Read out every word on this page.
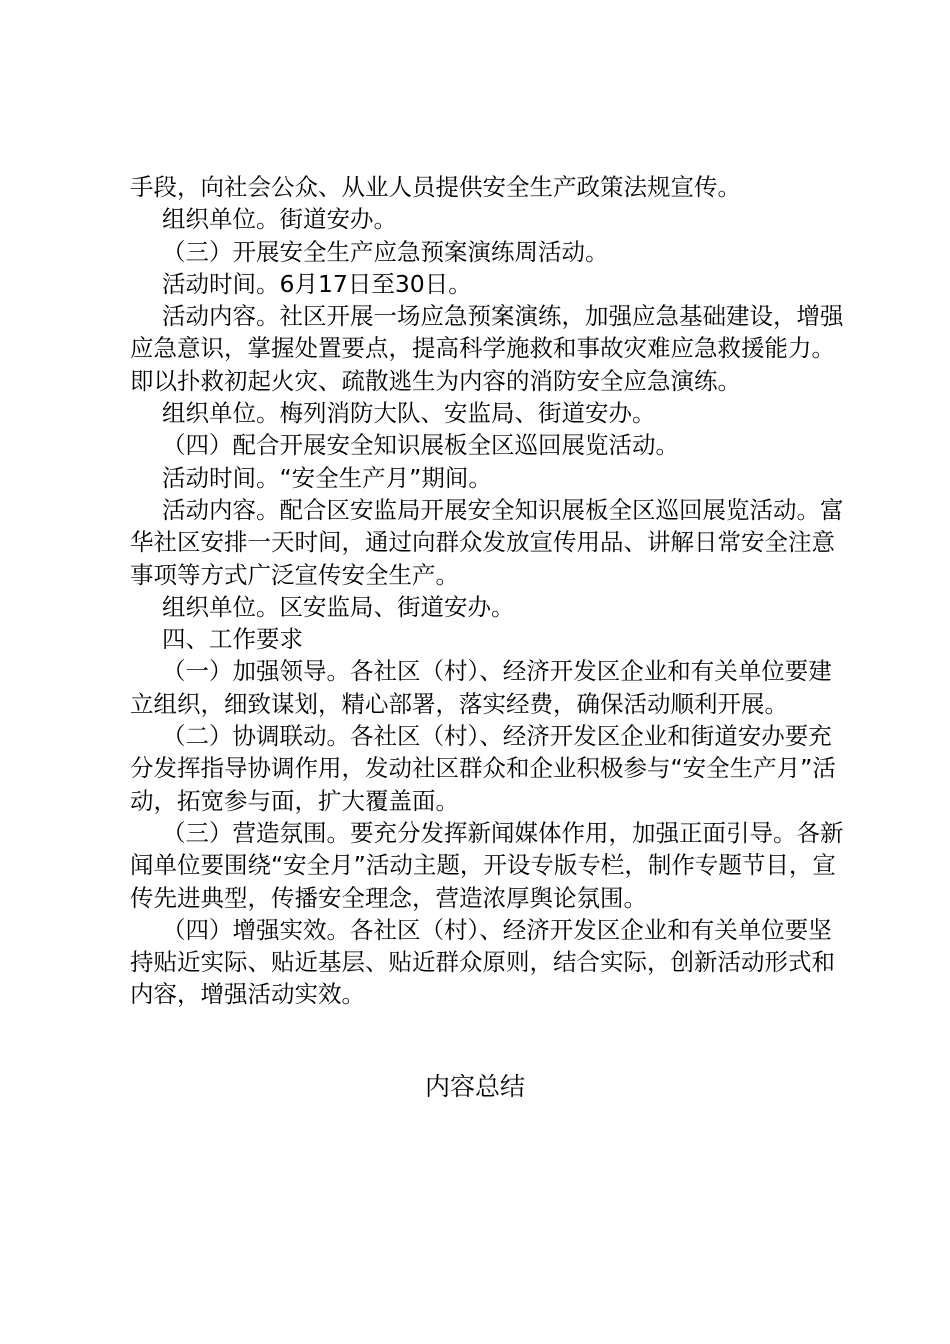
手段，向社会公众、从业人员提供安全生产政策法规宣传。

组织单位。街道安办。

（三）开展安全生产应急预案演练周活动。

活动时间。6月17日至30日。

活动内容。社区开展一场应急预案演练，加强应急基础建设，增强应急意识，掌握处置要点，提高科学施救和事故灾难应急救援能力。即以扑救初起火灾、疏散逃生为内容的消防安全应急演练。

组织单位。梅列消防大队、安监局、街道安办。

（四）配合开展安全知识展板全区巡回展览活动。

活动时间。“安全生产月”期间。

活动内容。配合区安监局开展安全知识展板全区巡回展览活动。富华社区安排一天时间，通过向群众发放宣传用品、讲解日常安全注意事项等方式广泛宣传安全生产。

组织单位。区安监局、街道安办。

四、工作要求

（一）加强领导。各社区（村）、经济开发区企业和有关单位要建立组织，细致谋划，精心部署，落实经费，确保活动顺利开展。

（二）协调联动。各社区（村）、经济开发区企业和街道安办要充分发挥指导协调作用，发动社区群众和企业积极参与“安全生产月”活动，拓宽参与面，扩大覆盖面。

（三）营造氛围。要充分发挥新闻媒体作用，加强正面引导。各新闻单位要围绕“安全月”活动主题，开设专版专栏，制作专题节目，宣传先进典型，传播安全理念，营造浓厚舆论氛围。

（四）增强实效。各社区（村）、经济开发区企业和有关单位要坚持贴近实际、贴近基层、贴近群众原则，结合实际，创新活动形式和内容，增强活动实效。

内容总结
